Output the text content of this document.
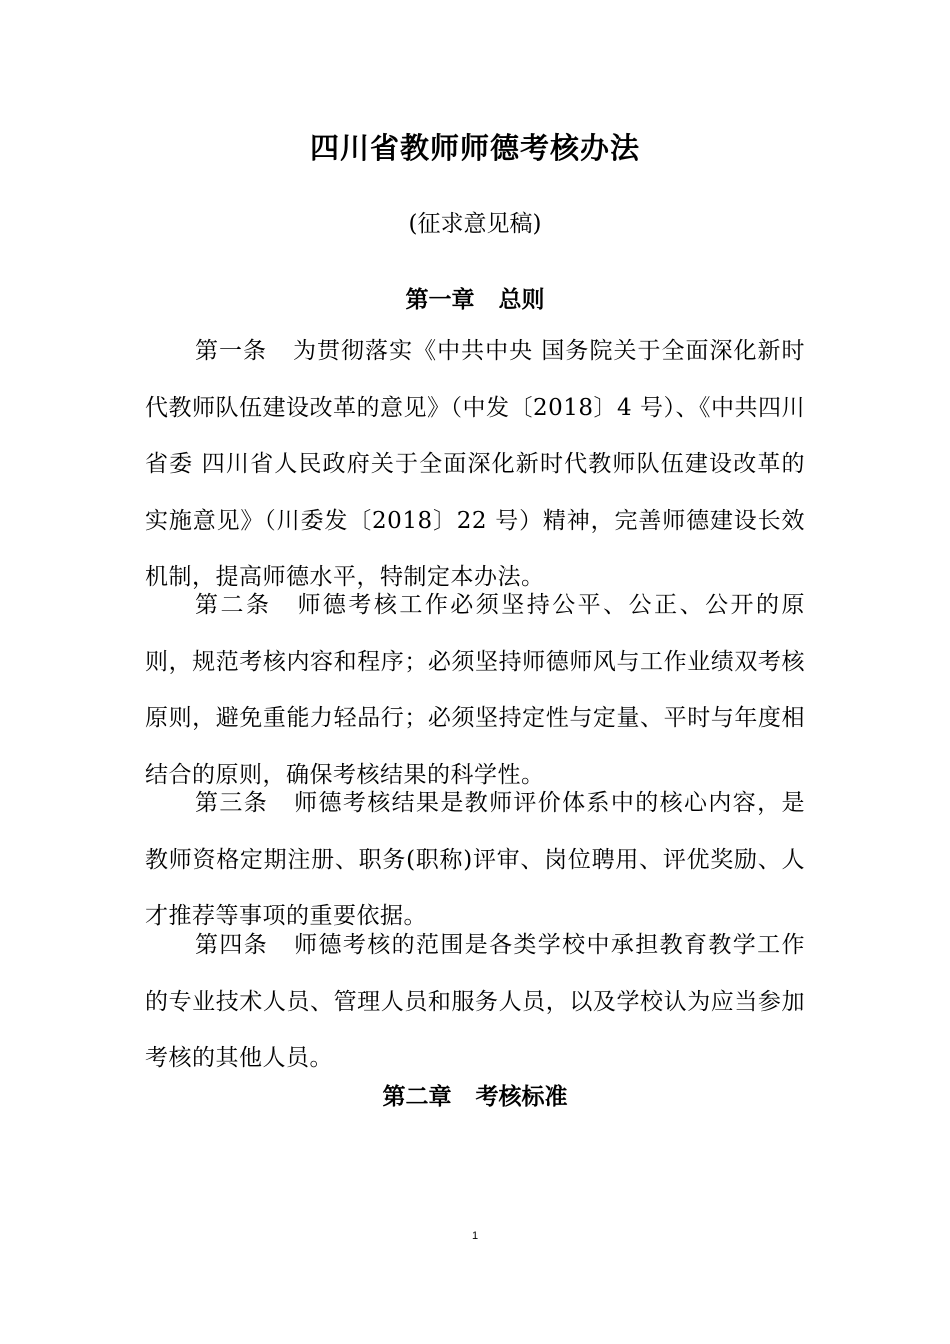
四川省教师师德考核办法
(征求意见稿)
第一章 总则

第一条 为贯彻落实《中共中央 国务院关于全面深化新时代教师队伍建设改革的意见》（中发〔2018〕4 号）、《中共四川省委 四川省人民政府关于全面深化新时代教师队伍建设改革的实施意见》（川委发〔2018〕22 号）精神，完善师德建设长效机制，提高师德水平，特制定本办法。

第二条 师德考核工作必须坚持公平、公正、公开的原则，规范考核内容和程序；必须坚持师德师风与工作业绩双考核原则，避免重能力轻品行；必须坚持定性与定量、平时与年度相结合的原则，确保考核结果的科学性。

第三条 师德考核结果是教师评价体系中的核心内容，是教师资格定期注册、职务(职称)评审、岗位聘用、评优奖励、人才推荐等事项的重要依据。

第四条 师德考核的范围是各类学校中承担教育教学工作的专业技术人员、管理人员和服务人员，以及学校认为应当参加考核的其他人员。

第二章 考核标准
1
